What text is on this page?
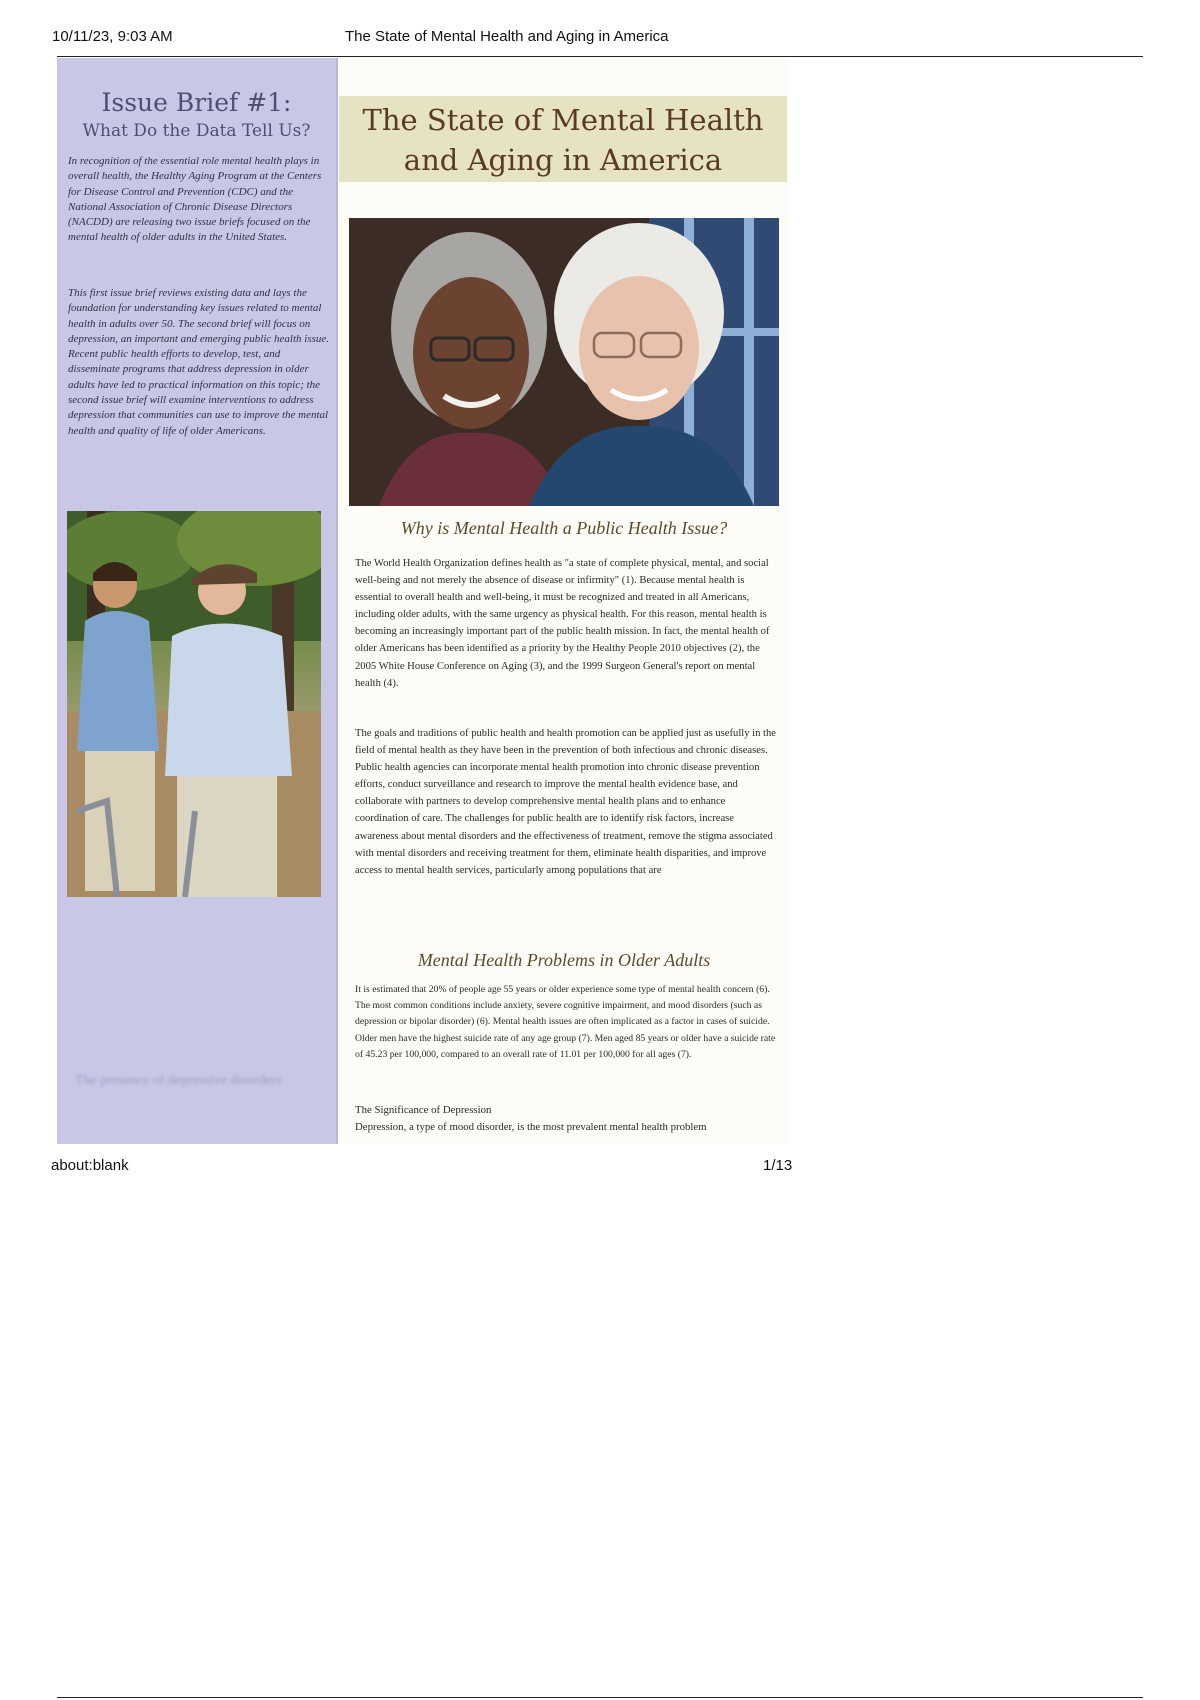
10/11/23, 9:03 AM	The State of Mental Health and Aging in America
Issue Brief #1:
What Do the Data Tell Us?

In recognition of the essential role mental health plays in overall health, the Healthy Aging Program at the Centers for Disease Control and Prevention (CDC) and the National Association of Chronic Disease Directors (NACDD) are releasing two issue briefs focused on the mental health of older adults in the United States.

This first issue brief reviews existing data and lays the foundation for understanding key issues related to mental health in adults over 50. The second brief will focus on depression, an important and emerging public health issue. Recent public health efforts to develop, test, and disseminate programs that address depression in older adults have led to practical information on this topic; the second issue brief will examine interventions to address depression that communities can use to improve the mental health and quality of life of older Americans.

The presence of depressive disorders
The State of Mental Health and Aging in America
Why is Mental Health a Public Health Issue?

The World Health Organization defines health as "a state of complete physical, mental, and social well-being and not merely the absence of disease or infirmity" (1). Because mental health is essential to overall health and well-being, it must be recognized and treated in all Americans, including older adults, with the same urgency as physical health. For this reason, mental health is becoming an increasingly important part of the public health mission. In fact, the mental health of older Americans has been identified as a priority by the Healthy People 2010 objectives (2), the 2005 White House Conference on Aging (3), and the 1999 Surgeon General's report on mental health (4).

The goals and traditions of public health and health promotion can be applied just as usefully in the field of mental health as they have been in the prevention of both infectious and chronic diseases. Public health agencies can incorporate mental health promotion into chronic disease prevention efforts, conduct surveillance and research to improve the mental health evidence base, and collaborate with partners to develop comprehensive mental health plans and to enhance coordination of care. The challenges for public health are to identify risk factors, increase awareness about mental disorders and the effectiveness of treatment, remove the stigma associated with mental disorders and receiving treatment for them, eliminate health disparities, and improve access to mental health services, particularly among populations that are

Mental Health Problems in Older Adults

It is estimated that 20% of people age 55 years or older experience some type of mental health concern (6). The most common conditions include anxiety, severe cognitive impairment, and mood disorders (such as depression or bipolar disorder) (6). Mental health issues are often implicated as a factor in cases of suicide. Older men have the highest suicide rate of any age group (7). Men aged 85 years or older have a suicide rate of 45.23 per 100,000, compared to an overall rate of 11.01 per 100,000 for all ages (7).

The Significance of Depression
Depression, a type of mood disorder, is the most prevalent mental health problem
about:blank	1/13
